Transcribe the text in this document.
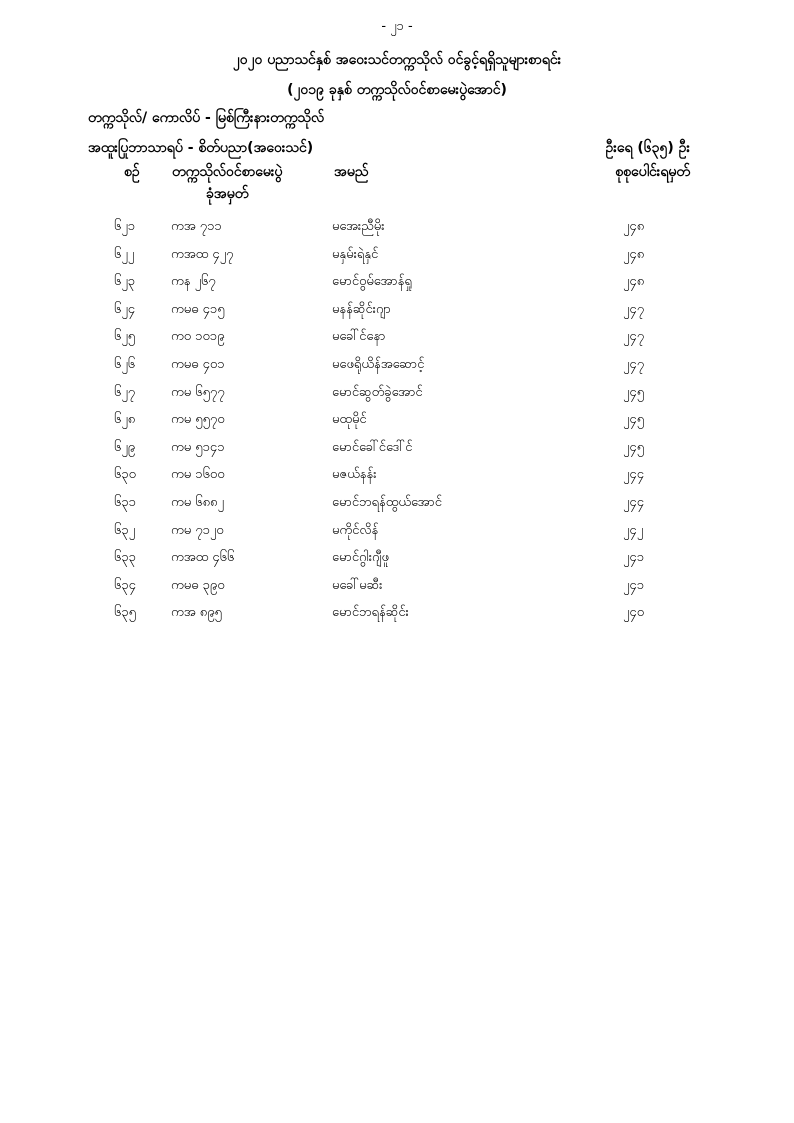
- ၂၁ -
၂၀၂၀ ပညာသင်နှစ် အဝေးသင်တက္ကသိုလ် ဝင်ခွင့်ရရှိသူများစာရင်း
(၂၀၁၉ ခုနှစ် တက္ကသိုလ်ဝင်စာမေးပွဲအောင်)
တက္ကသိုလ်/ ကောလိပ် - မြစ်ကြီးနားတက္ကသိုလ်
အထူးပြုဘာသာရပ် - စိတ်ပညာ(အဝေးသင်)	ဦးရေ (၆၃၅) ဦး
စဉ် တက္ကသိုလ်ဝင်စာမေးပွဲ
ခုံအမှတ်
အမည်	စုစုပေါင်းရမှတ်
၆၂၁	ကအ ၇၁၁	မအေးညီမိုး	၂၄၈
၆၂၂	ကအထ ၄၂၇	မနှမ်းရဲနှင်	၂၄၈
၆၂၃	ကန ၂၆၇	မောင်ဝွမ်အောန်ရှု	၂၄၈
၆၂၄	ကမဓ ၄၁၅	မနန်ဆိုင်းဂျာ	၂၄၇
၆၂၅	ကဝ ၁၀၁၉	မခေါ်င်နော	၂၄၇
၆၂၆	ကမဓ ၄၀၁	မဖေရိုယိန်အဆောင့်	၂၄၇
၆၂၇	ကမ ၆၅၇၇	မောင်ဆွတ်ခွဲအောင်	၂၄၅
၆၂၈	ကမ ၅၅၇၀	မထုမိုင်	၂၄၅
၆၂၉	ကမ ၅၁၄၁	မောင်ခေါ်င်ဒေါ်င်	၂၄၅
၆၃၀	ကမ ၁၆၀၀	မဇယ်နန်း	၂၄၄
၆၃၁	ကမ ၆၈၈၂	မောင်ဘရန်ထွယ်အောင်	၂၄၄
၆၃၂	ကမ ၇၁၂၀	မကိုင်လိန်	၂၄၂
၆၃၃	ကအထ ၄၆၆	မောင်ဂွါးဂျီဖူ	၂၄၁
၆၃၄	ကမဓ ၃၉၀	မခေါ်မဆီး	၂၄၁
၆၃၅	ကအ ၈၉၅	မောင်ဘရန်ဆိုင်း	၂၄၀
